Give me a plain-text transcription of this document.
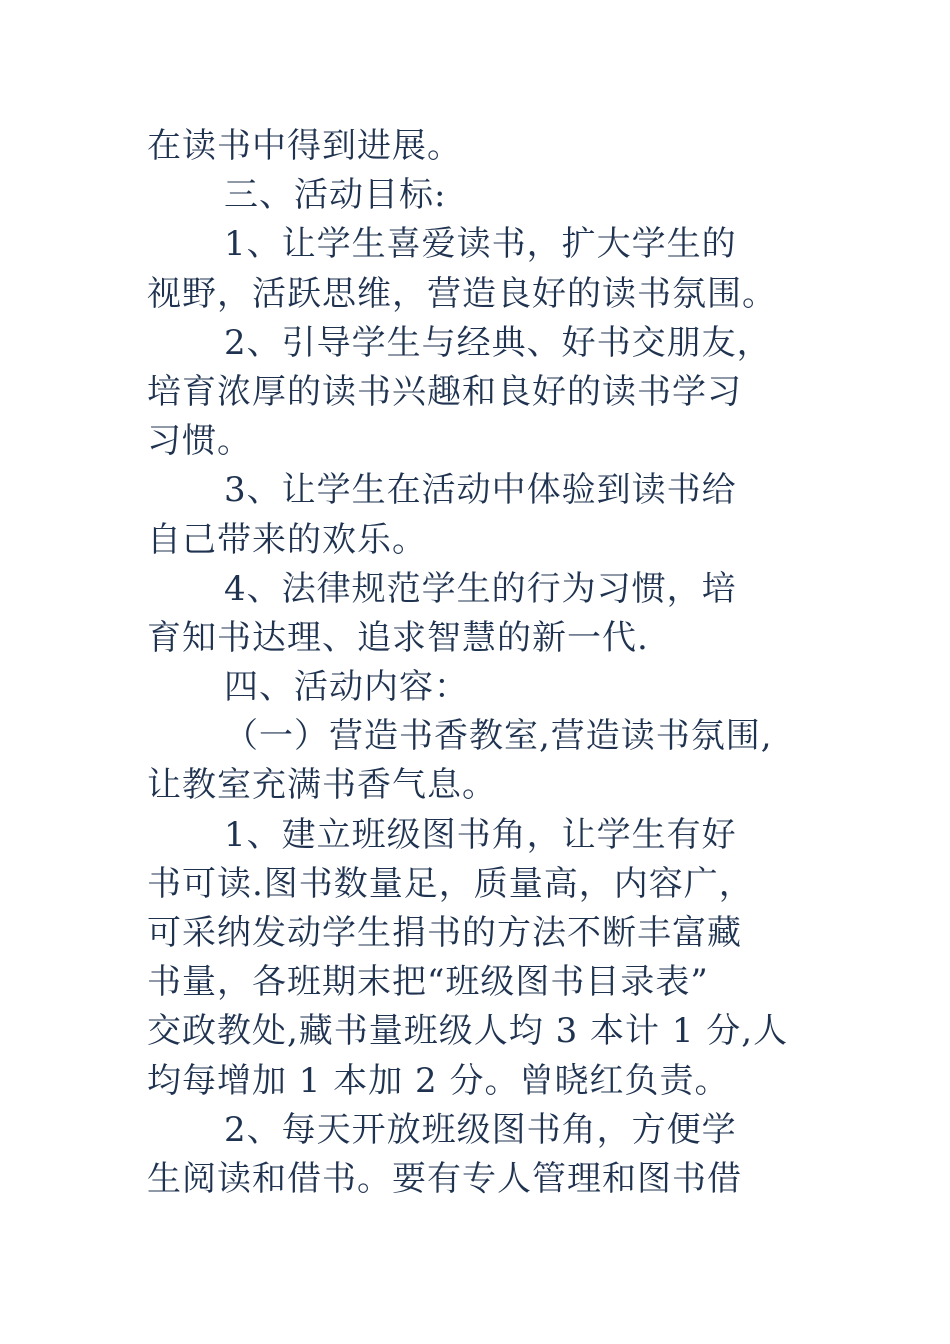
在读书中得到进展。
三、活动目标:
1、让学生喜爱读书，扩大学生的
视野，活跃思维，营造良好的读书氛围。
2、引导学生与经典、好书交朋友，
培育浓厚的读书兴趣和良好的读书学习
习惯。
3、让学生在活动中体验到读书给
自己带来的欢乐。
4、法律规范学生的行为习惯，培
育知书达理、追求智慧的新一代.
四、活动内容：
（一）营造书香教室,营造读书氛围,
让教室充满书香气息。
1、建立班级图书角，让学生有好
书可读.图书数量足，质量高，内容广，
可采纳发动学生捐书的方法不断丰富藏
书量，各班期末把“班级图书目录表”
交政教处,藏书量班级人均 3 本计 1 分,人
均每增加 1 本加 2 分。曾晓红负责。
2、每天开放班级图书角，方便学
生阅读和借书。要有专人管理和图书借
